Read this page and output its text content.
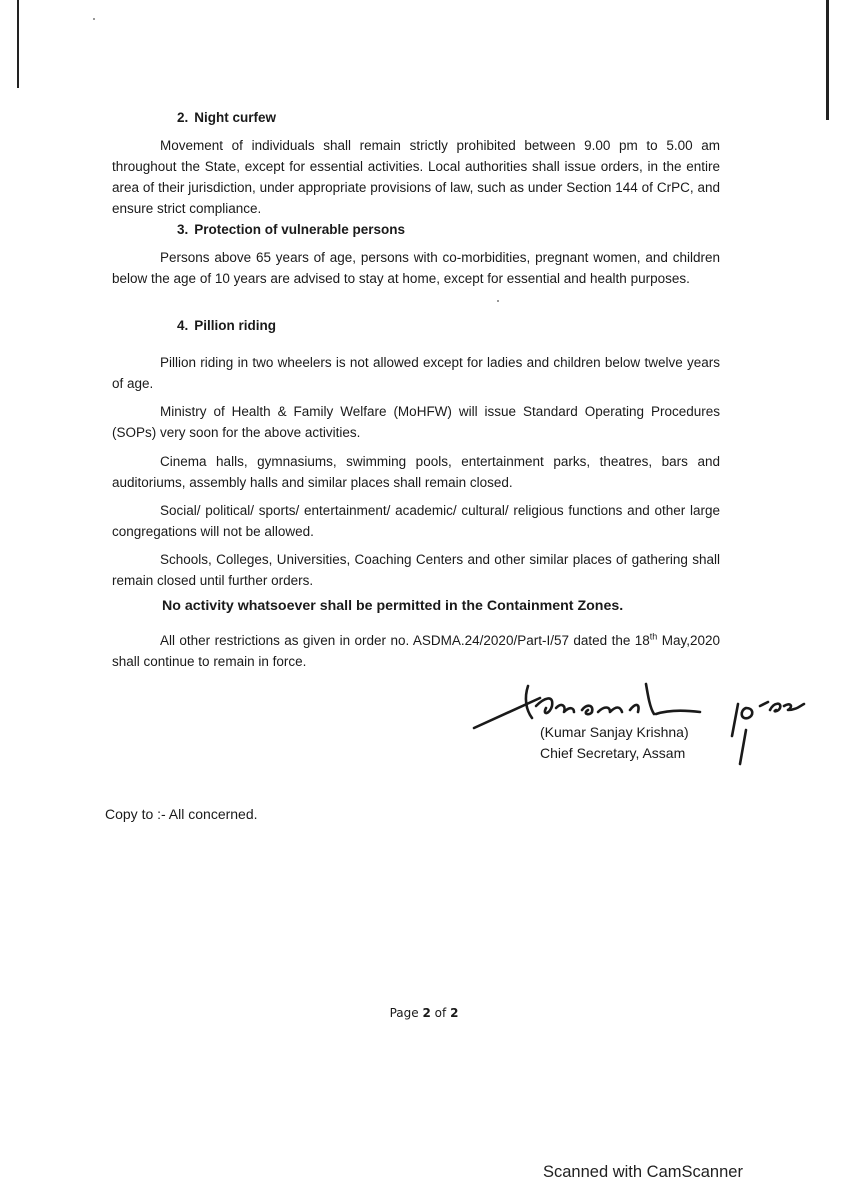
2. Night curfew
Movement of individuals shall remain strictly prohibited between 9.00 pm to 5.00 am throughout the State, except for essential activities. Local authorities shall issue orders, in the entire area of their jurisdiction, under appropriate provisions of law, such as under Section 144 of CrPC, and ensure strict compliance.
3. Protection of vulnerable persons
Persons above 65 years of age, persons with co-morbidities, pregnant women, and children below the age of 10 years are advised to stay at home, except for essential and health purposes.
4. Pillion riding
Pillion riding in two wheelers is not allowed except for ladies and children below twelve years of age.
Ministry of Health & Family Welfare (MoHFW) will issue Standard Operating Procedures (SOPs) very soon for the above activities.
Cinema halls, gymnasiums, swimming pools, entertainment parks, theatres, bars and auditoriums, assembly halls and similar places shall remain closed.
Social/ political/ sports/ entertainment/ academic/ cultural/ religious functions and other large congregations will not be allowed.
Schools, Colleges, Universities, Coaching Centers and other similar places of gathering shall remain closed until further orders.
No activity whatsoever shall be permitted in the Containment Zones.
All other restrictions as given in order no. ASDMA.24/2020/Part-I/57 dated the 18th May,2020 shall continue to remain in force.
(Kumar Sanjay Krishna)
Chief Secretary, Assam
Copy to :- All concerned.
Page 2 of 2
Scanned with CamScanner
